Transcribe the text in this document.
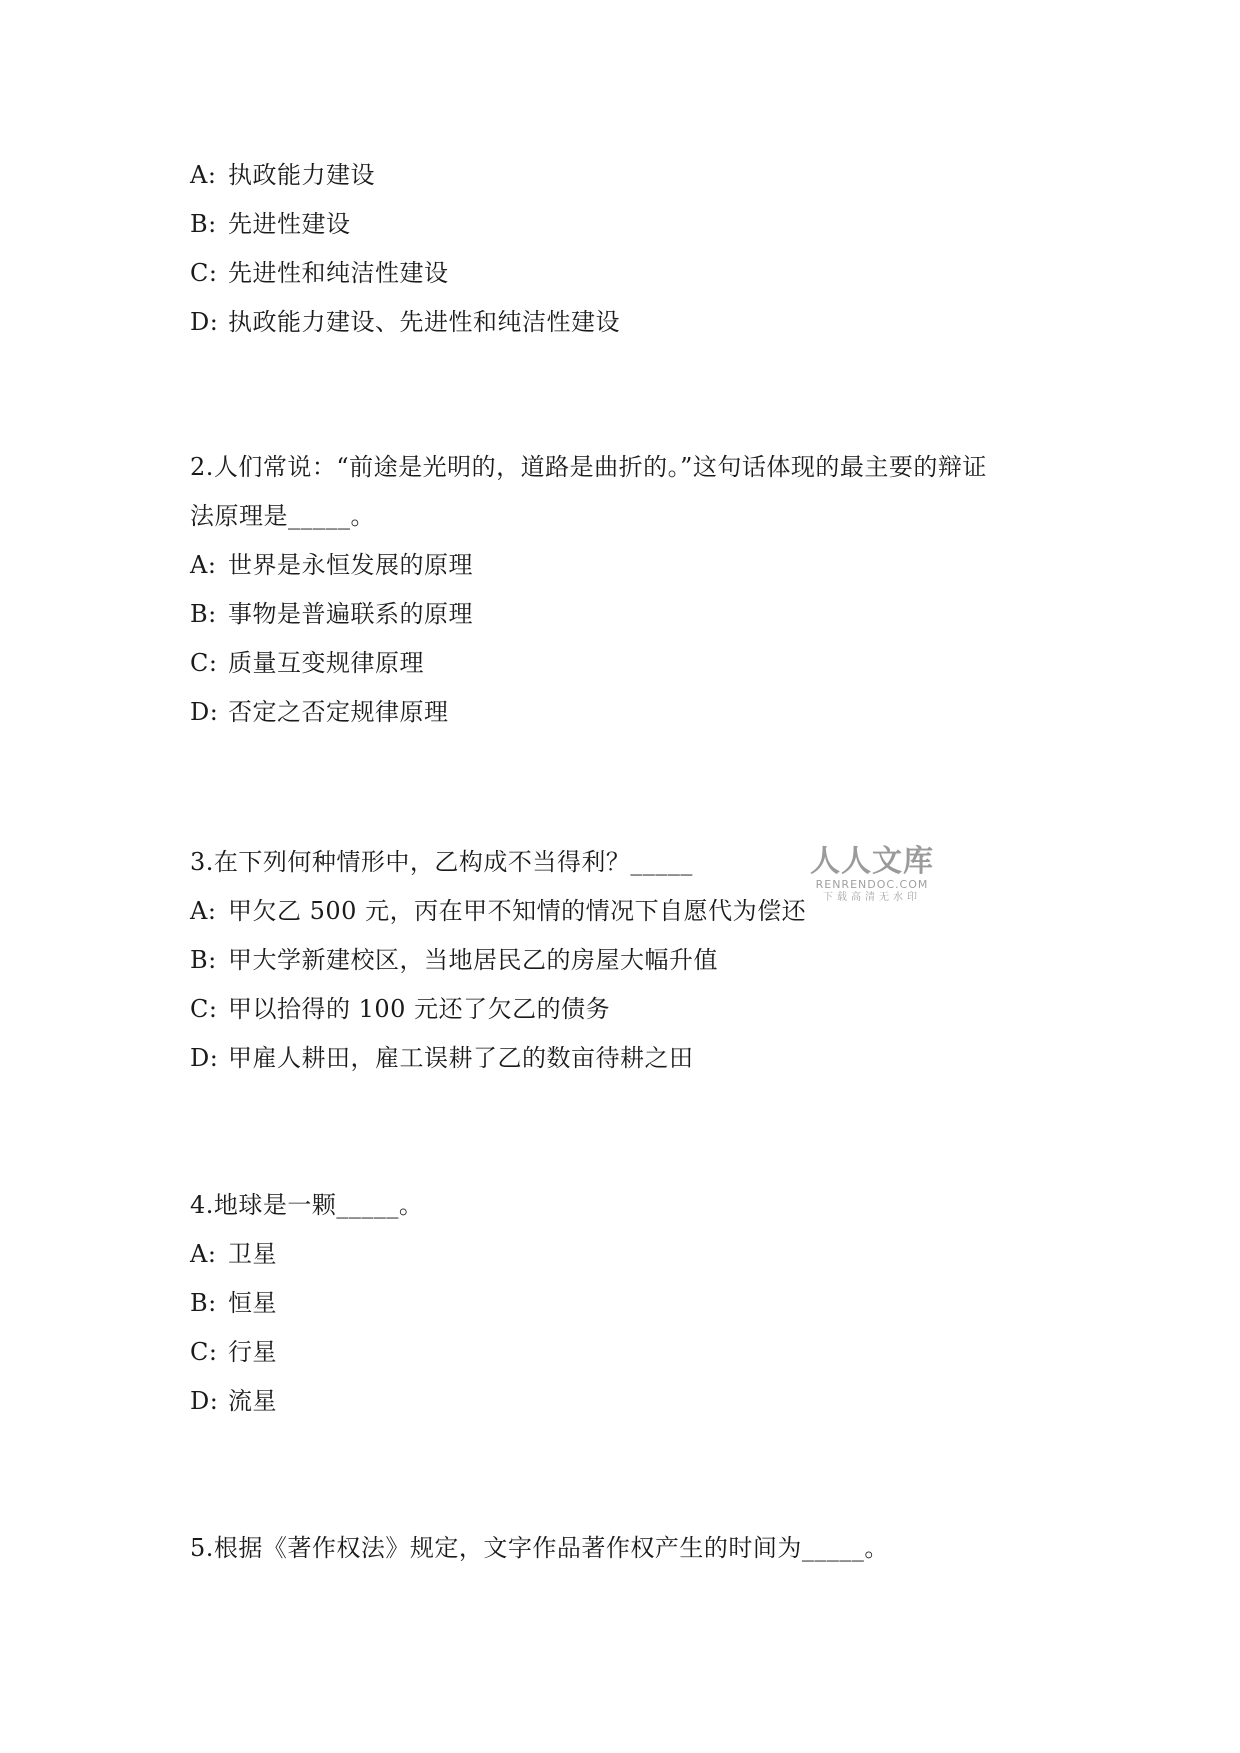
A: 执政能力建设
B: 先进性建设
C: 先进性和纯洁性建设
D: 执政能力建设、先进性和纯洁性建设
2.人们常说：“前途是光明的，道路是曲折的。”这句话体现的最主要的辩证
法原理是_____。
A: 世界是永恒发展的原理
B: 事物是普遍联系的原理
C: 质量互变规律原理
D: 否定之否定规律原理
3.在下列何种情形中，乙构成不当得利？_____
A: 甲欠乙 500 元，丙在甲不知情的情况下自愿代为偿还
B: 甲大学新建校区，当地居民乙的房屋大幅升值
C: 甲以拾得的 100 元还了欠乙的债务
D: 甲雇人耕田，雇工误耕了乙的数亩待耕之田
4.地球是一颗_____。
A: 卫星
B: 恒星
C: 行星
D: 流星
5.根据《著作权法》规定，文字作品著作权产生的时间为_____。
人人文库
RENRENDOC.COM
下载高清无水印
